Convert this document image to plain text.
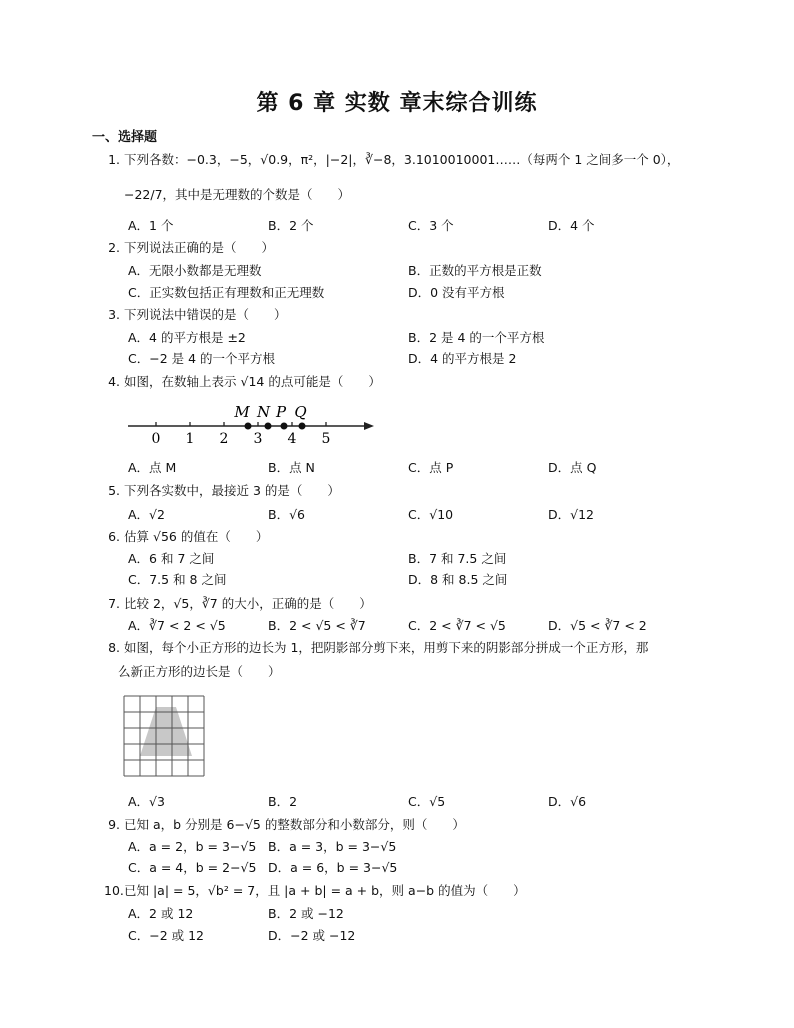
第 6 章 实数 章末综合训练
一、选择题
1. 下列各数：−0.3，−5，√0.9，π²，|−2|，∛−8，3.1010010001……（每两个 1 之间多一个 0），
−22/7，其中是无理数的个数是（　　）
A．1 个	B．2 个	C．3 个	D．4 个
2. 下列说法正确的是（　　）
A．无限小数都是无理数	B．正数的平方根是正数
C．正实数包括正有理数和正无理数	D．0 没有平方根
3. 下列说法中错误的是（　　）
A．4 的平方根是 ±2	B．2 是 4 的一个平方根
C．−2 是 4 的一个平方根	D．4 的平方根是 2
4. 如图，在数轴上表示 √14 的点可能是（　　）
0 1 2 3 4 5
M N P Q
A．点 M	B．点 N	C．点 P	D．点 Q
5. 下列各实数中，最接近 3 的是（　　）
A．√2	B．√6	C．√10	D．√12
6. 估算 √56 的值在（　　）
A．6 和 7 之间	B．7 和 7.5 之间
C．7.5 和 8 之间	D．8 和 8.5 之间
7. 比较 2，√5，∛7 的大小，正确的是（　　）
A．∛7 < 2 < √5	B．2 < √5 < ∛7	C．2 < ∛7 < √5	D．√5 < ∛7 < 2
8. 如图，每个小正方形的边长为 1，把阴影部分剪下来，用剪下来的阴影部分拼成一个正方形，那
么新正方形的边长是（　　）
A．√3	B．2	C．√5	D．√6
9. 已知 a，b 分别是 6−√5 的整数部分和小数部分，则（　　）
A．a = 2，b = 3−√5 B．a = 3，b = 3−√5
C．a = 4，b = 2−√5 D．a = 6，b = 3−√5
10.已知 |a| = 5，√b² = 7，且 |a + b| = a + b，则 a−b 的值为（　　）
A．2 或 12	B．2 或 −12
C．−2 或 12	D．−2 或 −12
